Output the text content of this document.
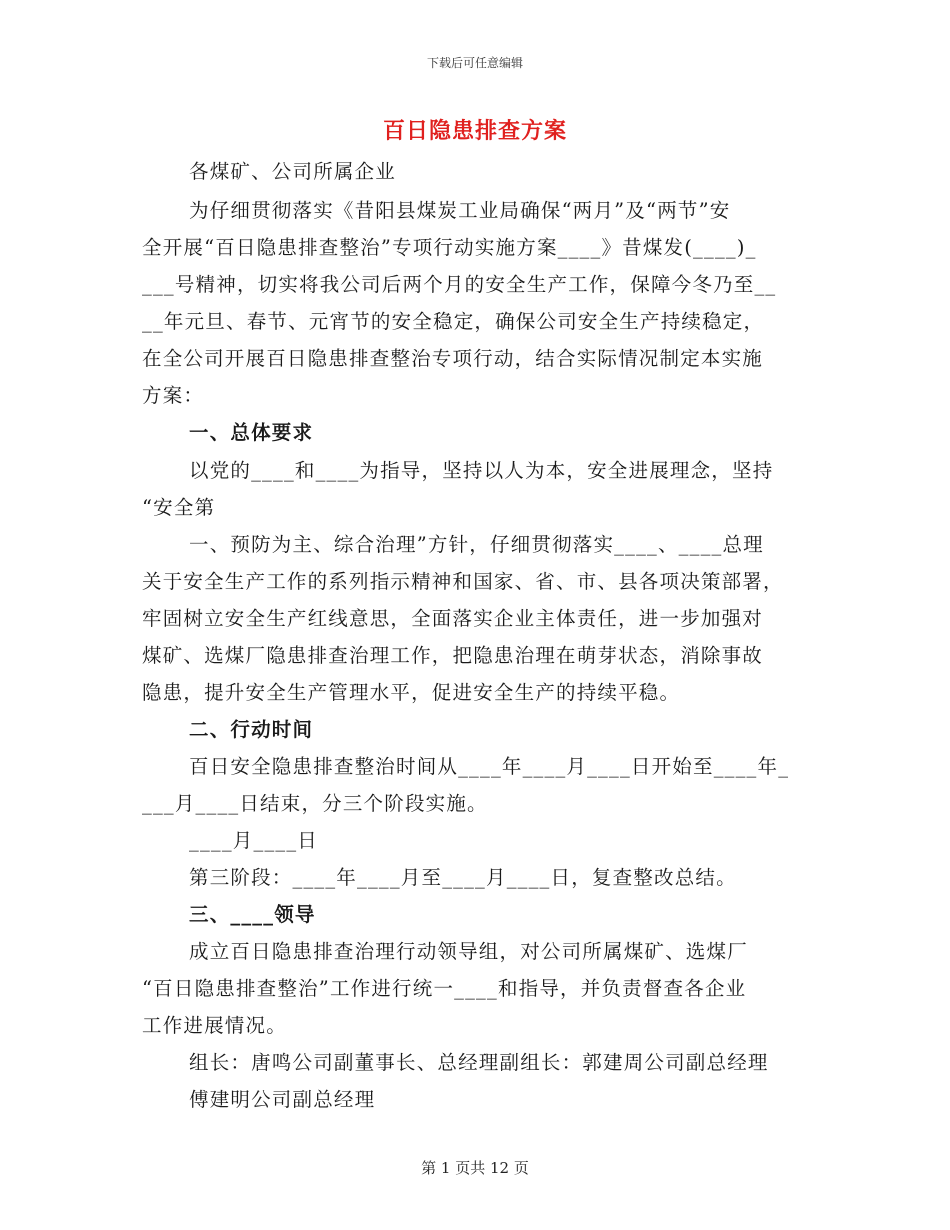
下载后可任意编辑
百日隐患排查方案
各煤矿、公司所属企业
为仔细贯彻落实《昔阳县煤炭工业局确保“两月”及“两节”安
全开展“百日隐患排查整治”专项行动实施方案____》昔煤发(____)_
___号精神，切实将我公司后两个月的安全生产工作，保障今冬乃至__
__年元旦、春节、元宵节的安全稳定，确保公司安全生产持续稳定，
在全公司开展百日隐患排查整治专项行动，结合实际情况制定本实施
方案：
一、总体要求
以党的____和____为指导，坚持以人为本，安全进展理念，坚持
“安全第
一、预防为主、综合治理”方针，仔细贯彻落实____、____总理
关于安全生产工作的系列指示精神和国家、省、市、县各项决策部署，
牢固树立安全生产红线意思，全面落实企业主体责任，进一步加强对
煤矿、选煤厂隐患排查治理工作，把隐患治理在萌芽状态，消除事故
隐患，提升安全生产管理水平，促进安全生产的持续平稳。
二、行动时间
百日安全隐患排查整治时间从____年____月____日开始至____年_
___月____日结束，分三个阶段实施。
____月____日
第三阶段：____年____月至____月____日，复查整改总结。
三、____领导
成立百日隐患排查治理行动领导组，对公司所属煤矿、选煤厂
“百日隐患排查整治”工作进行统一____和指导，并负责督查各企业
工作进展情况。
组长：唐鸣公司副董事长、总经理副组长：郭建周公司副总经理
傅建明公司副总经理
第 1 页共 12 页
